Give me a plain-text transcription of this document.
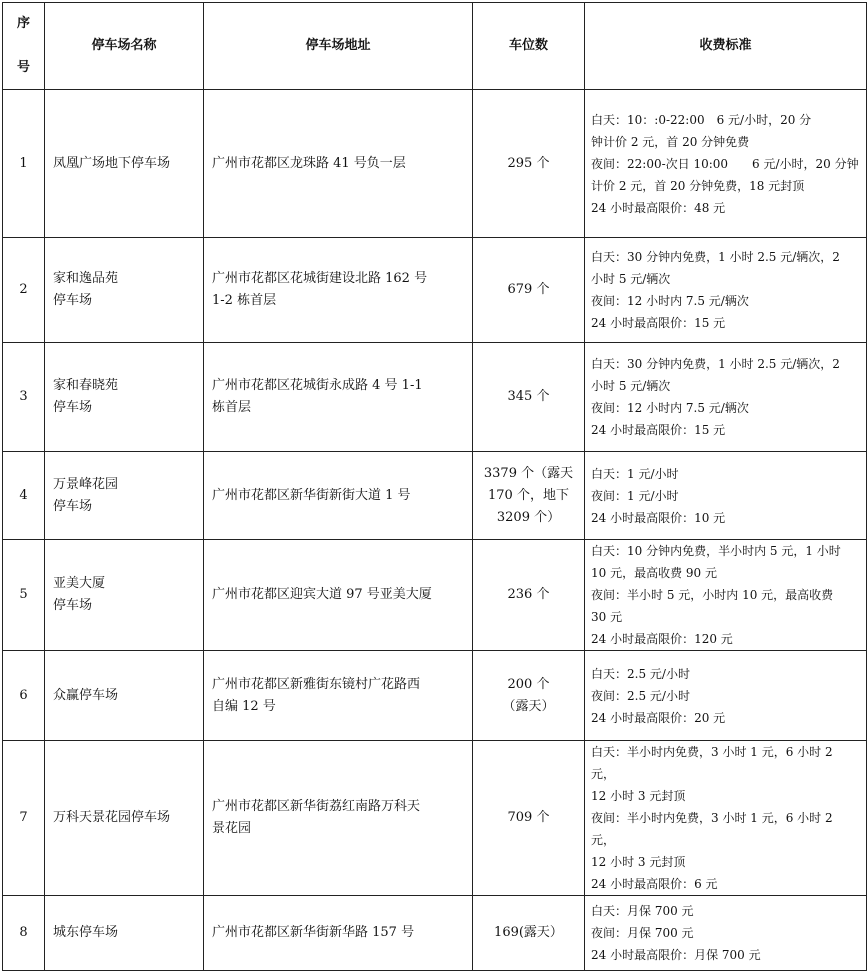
序

号	停车场名称	停车场地址	车位数	收费标准
1	凤凰广场地下停车场	广州市花都区龙珠路 41 号负一层	295 个	白天：10：:0-22:00　6 元/小时，20 分
钟计价 2 元，首 20 分钟免费
夜间：22:00-次日 10:00　　6 元/小时，20 分钟
计价 2 元，首 20 分钟免费，18 元封顶
24 小时最高限价：48 元
2	家和逸品苑
停车场	广州市花都区花城街建设北路 162 号
1-2 栋首层	679 个	白天：30 分钟内免费，1 小时 2.5 元/辆次，2
小时 5 元/辆次
夜间：12 小时内 7.5 元/辆次
24 小时最高限价：15 元
3	家和春晓苑
停车场	广州市花都区花城街永成路 4 号 1-1
栋首层	345 个	白天：30 分钟内免费，1 小时 2.5 元/辆次，2
小时 5 元/辆次
夜间：12 小时内 7.5 元/辆次
24 小时最高限价：15 元
4	万景峰花园
停车场	广州市花都区新华街新街大道 1 号	3379 个（露天
170 个，地下
3209 个）	白天：1 元/小时
夜间：1 元/小时
24 小时最高限价：10 元
5	亚美大厦
停车场	广州市花都区迎宾大道 97 号亚美大厦	236 个	白天：10 分钟内免费，半小时内 5 元，1 小时
10 元，最高收费 90 元
夜间：半小时 5 元，小时内 10 元，最高收费
30 元
24 小时最高限价：120 元
6	众赢停车场	广州市花都区新雅街东镜村广花路西
自编 12 号	200 个
（露天）	白天：2.5 元/小时
夜间：2.5 元/小时
24 小时最高限价：20 元
7	万科天景花园停车场	广州市花都区新华街荔红南路万科天
景花园	709 个	白天：半小时内免费，3 小时 1 元，6 小时 2 元，
12 小时 3 元封顶
夜间：半小时内免费，3 小时 1 元，6 小时 2 元，
12 小时 3 元封顶
24 小时最高限价：6 元
8	城东停车场	广州市花都区新华街新华路 157 号	169(露天）	白天：月保 700 元
夜间：月保 700 元
24 小时最高限价：月保 700 元
